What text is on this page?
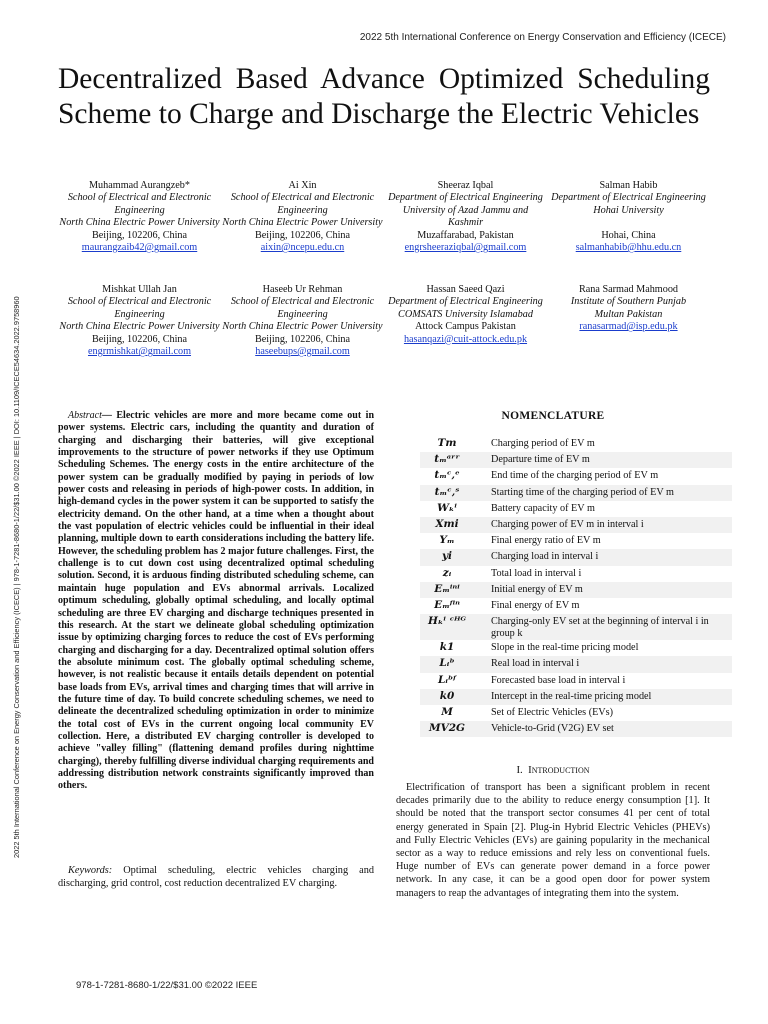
2022 5th International Conference on Energy Conservation and Efficiency (ICECE)
2022 5th International Conference on Energy Conservation and Efficiency (ICECE) | 978-1-7281-8680-1/22/$31.00 ©2022 IEEE | DOI: 10.1109/ICECE54634.2022.9758960
Decentralized Based Advance Optimized Scheduling Scheme to Charge and Discharge the Electric Vehicles
Muhammad Aurangzeb*
School of Electrical and Electronic Engineering
North China Electric Power University
Beijing, 102206, China
maurangzaib42@gmail.com
Ai Xin
School of Electrical and Electronic Engineering
North China Electric Power University
Beijing, 102206, China
aixin@ncepu.edu.cn
Sheeraz Iqbal
Department of Electrical Engineering
University of Azad Jammu and Kashmir
Muzaffarabad, Pakistan
engrsheeraziqbal@gmail.com
Salman Habib
Department of Electrical Engineering
Hohai University
Hohai, China
salmanhabib@hhu.edu.cn
Mishkat Ullah Jan
School of Electrical and Electronic Engineering
North China Electric Power University
Beijing, 102206, China
engrmishkat@gmail.com
Haseeb Ur Rehman
School of Electrical and Electronic Engineering
North China Electric Power University
Beijing, 102206, China
haseebups@gmail.com
Hassan Saeed Qazi
Department of Electrical Engineering
COMSATS University Islamabad
Attock Campus Pakistan
hasanqazi@cuit-attock.edu.pk
Rana Sarmad Mahmood
Institute of Southern Punjab
Multan Pakistan
ranasarmad@isp.edu.pk
Abstract— Electric vehicles are more and more became come out in power systems. Electric cars, including the quantity and duration of charging and discharging their batteries, will give exceptional improvements to the structure of power networks if they use Optimum Scheduling Schemes. The energy costs in the entire architecture of the power system can be gradually modified by paying in periods of low power costs and releasing in periods of high-power costs. In addition, in high-demand cycles in the power system it can be supported to satisfy the electricity demand. On the other hand, at a time when a thought about the vast population of electric vehicles could be influential in their ideal planning, multiple down to earth considerations including the battery life. However, the scheduling problem has 2 major future challenges. First, the challenge is to cut down cost using decentralized optimal scheduling solution. Second, it is arduous finding distributed scheduling scheme, can maintain huge population and EVs abnormal arrivals. Localized optimum scheduling, globally optimal scheduling, and locally optimal scheduling are three EV charging and discharge techniques presented in this research. At the start we delineate global scheduling optimization issue by optimizing charging forces to reduce the cost of EVs performing charging and discharging for a day. Decentralized optimal solution offers the absolute minimum cost. The globally optimal scheduling scheme, however, is not realistic because it entails details dependent on potential base loads from EVs, arrival times and charging times that will arrive in the future time of day. To build concrete scheduling schemes, we need to delineate the decentralized scheduling optimization in order to minimize the total cost of EVs in the current ongoing local community EV collection. Here, a distributed EV charging controller is developed to achieve "valley filling" (flattening demand profiles during nighttime charging), thereby fulfilling diverse individual charging requirements and addressing distribution network constraints significantly improved than others.
Keywords: Optimal scheduling, electric vehicles charging and discharging, grid control, cost reduction decentralized EV charging.
NOMENCLATURE
Tm	Charging period of EV m
tₘᵃʳʳ	Departure time of EV m
tₘᶜ‚ᵉ	End time of the charging period of EV m
tₘᶜ‚ˢ	Starting time of the charging period of EV m
Wₖⁱ	Battery capacity of EV m
Xmi	Charging power of EV m in interval i
Yₘ	Final energy ratio of EV m
yi	Charging load in interval i
zᵢ	Total load in interval i
Eₘⁱⁿⁱ	Initial energy of EV m
Eₘᶠⁱⁿ	Final energy of EV m
Hₖⁱ ᶜᴴᴳ	Charging-only EV set at the beginning of interval i in group k
k1	Slope in the real-time pricing model
Lᵢᵇ	Real load in interval i
Lᵢᵇᶠ	Forecasted base load in interval i
k0	Intercept in the real-time pricing model
M	Set of Electric Vehicles (EVs)
MV2G	Vehicle-to-Grid (V2G) EV set
I. Introduction
Electrification of transport has been a significant problem in recent decades primarily due to the ability to reduce energy consumption [1]. It should be noted that the transport sector consumes 41 per cent of total energy generated in Spain [2]. Plug-in Hybrid Electric Vehicles (PHEVs) and Fully Electric Vehicles (EVs) are gaining popularity in the mechanical sector as a way to reduce emissions and rely less on conventional fuels. Huge number of EVs can generate power demand in a force power network. In any case, it can be a good open door for power system managers to reap the advantages of integrating them into the system.
978-1-7281-8680-1/22/$31.00 ©2022 IEEE
